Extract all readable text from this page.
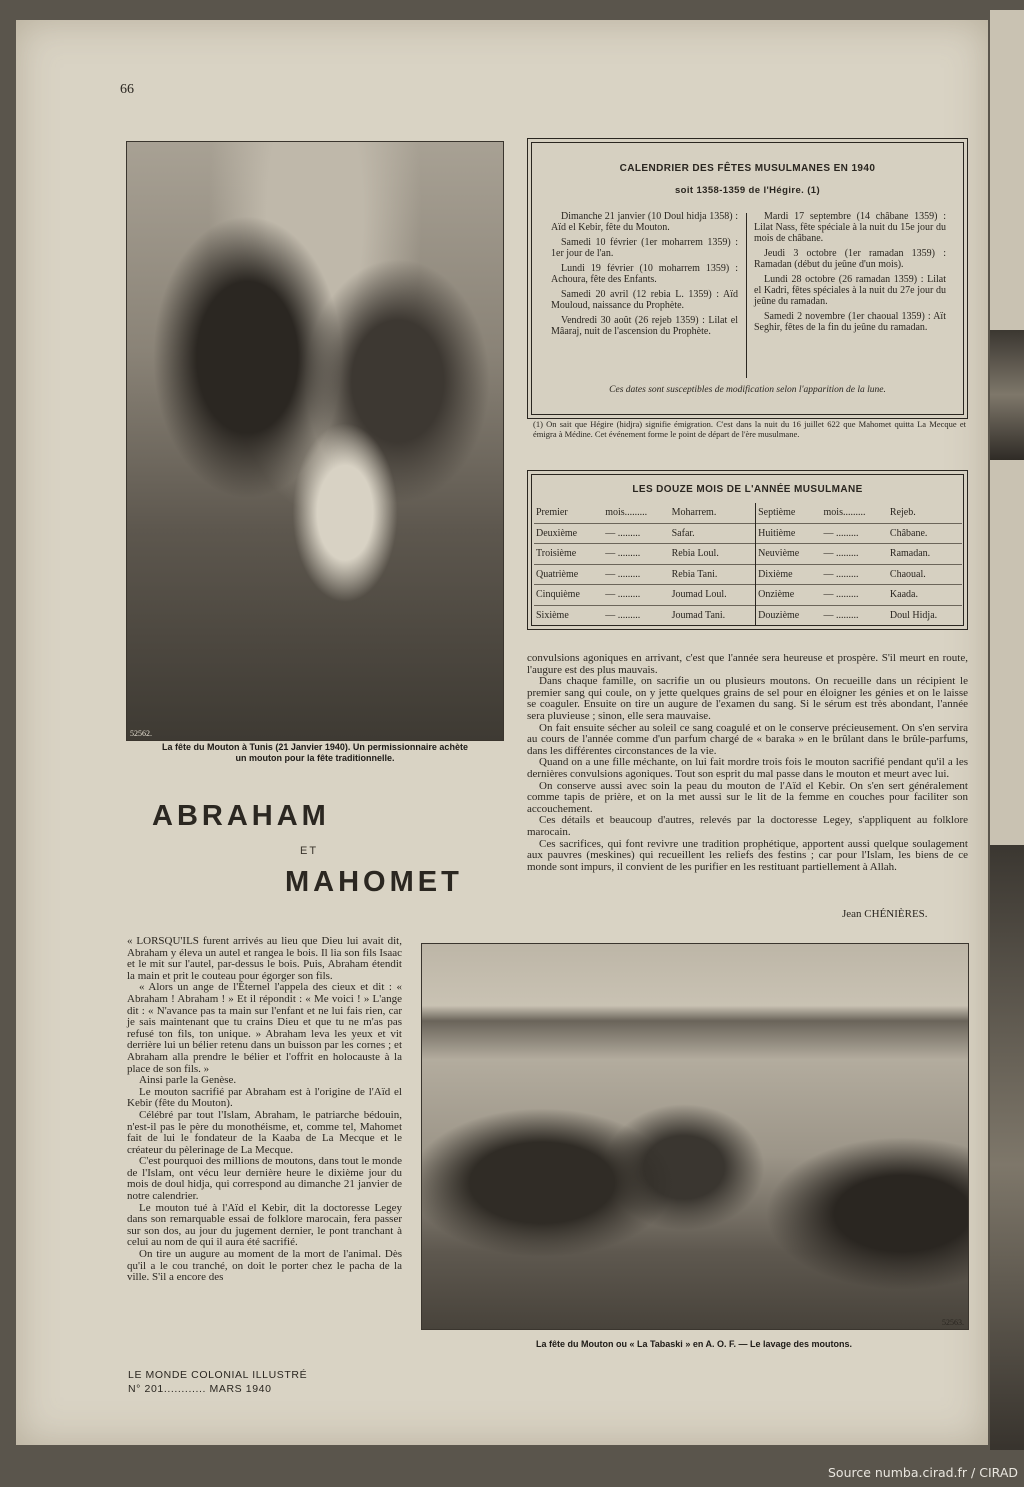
66
52562.
La fête du Mouton à Tunis (21 Janvier 1940). Un permissionnaire achète
un mouton pour la fête traditionnelle.
ABRAHAM
ET
MAHOMET
CALENDRIER DES FÊTES MUSULMANES EN 1940
soit 1358-1359 de l'Hégire. (1)

Dimanche 21 janvier (10 Doul hidja 1358) : Aïd el Kebir, fête du Mouton.

Samedi 10 février (1er moharrem 1359) : 1er jour de l'an.

Lundi 19 février (10 moharrem 1359) : Achoura, fête des Enfants.

Samedi 20 avril (12 rebia L. 1359) : Aïd Mouloud, naissance du Prophète.

Vendredi 30 août (26 rejeb 1359) : Lilat el Mâaraj, nuit de l'ascension du Prophète.

Mardi 17 septembre (14 châbane 1359) : Lilat Nass, fête spéciale à la nuit du 15e jour du mois de châbane.

Jeudi 3 octobre (1er ramadan 1359) : Ramadan (début du jeûne d'un mois).

Lundi 28 octobre (26 ramadan 1359) : Lilat el Kadri, fêtes spéciales à la nuit du 27e jour du jeûne du ramadan.

Samedi 2 novembre (1er chaoual 1359) : Aït Seghir, fêtes de la fin du jeûne du ramadan.

Ces dates sont susceptibles de modification selon l'apparition de la lune.
(1) On sait que Hégire (hidjra) signifie émigration. C'est dans la nuit du 16 juillet 622 que Mahomet quitta La Mecque et émigra à Médine. Cet événement forme le point de départ de l'ère musulmane.
LES DOUZE MOIS DE L'ANNÉE MUSULMANE
Premier	mois.........	Moharrem.	Septième	mois.........	Rejeb.
Deuxième	— .........	Safar.	Huitième	— .........	Châbane.
Troisième	— .........	Rebia Loul.	Neuvième	— .........	Ramadan.
Quatrième	— .........	Rebia Tani.	Dixième	— .........	Chaoual.
Cinquième	— .........	Joumad Loul.	Onzième	— .........	Kaada.
Sixième	— .........	Joumad Tani.	Douzième	— .........	Doul Hidja.

convulsions agoniques en arrivant, c'est que l'année sera heureuse et prospère. S'il meurt en route, l'augure est des plus mauvais.

Dans chaque famille, on sacrifie un ou plusieurs moutons. On recueille dans un récipient le premier sang qui coule, on y jette quelques grains de sel pour en éloigner les génies et on le laisse se coaguler. Ensuite on tire un augure de l'examen du sang. Si le sérum est très abondant, l'année sera pluvieuse ; sinon, elle sera mauvaise.

On fait ensuite sécher au soleil ce sang coagulé et on le conserve précieusement. On s'en servira au cours de l'année comme d'un parfum chargé de « baraka » en le brûlant dans le brûle-parfums, dans les différentes circonstances de la vie.

Quand on a une fille méchante, on lui fait mordre trois fois le mouton sacrifié pendant qu'il a les dernières convulsions agoniques. Tout son esprit du mal passe dans le mouton et meurt avec lui.

On conserve aussi avec soin la peau du mouton de l'Aïd el Kebir. On s'en sert généralement comme tapis de prière, et on la met aussi sur le lit de la femme en couches pour faciliter son accouchement.

Ces détails et beaucoup d'autres, relevés par la doctoresse Legey, s'appliquent au folklore marocain.

Ces sacrifices, qui font revivre une tradition prophétique, apportent aussi quelque soulagement aux pauvres (meskines) qui recueillent les reliefs des festins ; car pour l'Islam, les biens de ce monde sont impurs, il convient de les purifier en les restituant partiellement à Allah.

Jean CHÉNIÈRES.

« LORSQU'ILS furent arrivés au lieu que Dieu lui avait dit, Abraham y éleva un autel et rangea le bois. Il lia son fils Isaac et le mit sur l'autel, par-dessus le bois. Puis, Abraham étendit la main et prit le couteau pour égorger son fils.

« Alors un ange de l'Éternel l'appela des cieux et dit : « Abraham ! Abraham ! » Et il répondit : « Me voici ! » L'ange dit : « N'avance pas ta main sur l'enfant et ne lui fais rien, car je sais maintenant que tu crains Dieu et que tu ne m'as pas refusé ton fils, ton unique. » Abraham leva les yeux et vit derrière lui un bélier retenu dans un buisson par les cornes ; et Abraham alla prendre le bélier et l'offrit en holocauste à la place de son fils. »

Ainsi parle la Genèse.

Le mouton sacrifié par Abraham est à l'origine de l'Aïd el Kebir (fête du Mouton).

Célébré par tout l'Islam, Abraham, le patriarche bédouin, n'est-il pas le père du monothéisme, et, comme tel, Mahomet fait de lui le fondateur de la Kaaba de La Mecque et le créateur du pèlerinage de La Mecque.

C'est pourquoi des millions de moutons, dans tout le monde de l'Islam, ont vécu leur dernière heure le dixième jour du mois de doul hidja, qui correspond au dimanche 21 janvier de notre calendrier.

Le mouton tué à l'Aïd el Kebir, dit la doctoresse Legey dans son remarquable essai de folklore marocain, fera passer sur son dos, au jour du jugement dernier, le pont tranchant à celui au nom de qui il aura été sacrifié.

On tire un augure au moment de la mort de l'animal. Dès qu'il a le cou tranché, on doit le porter chez le pacha de la ville. S'il a encore des

52563.
La fête du Mouton ou « La Tabaski » en A. O. F. — Le lavage des moutons.
LE MONDE COLONIAL ILLUSTRÉ
N° 201............ MARS 1940
Source numba.cirad.fr / CIRAD
